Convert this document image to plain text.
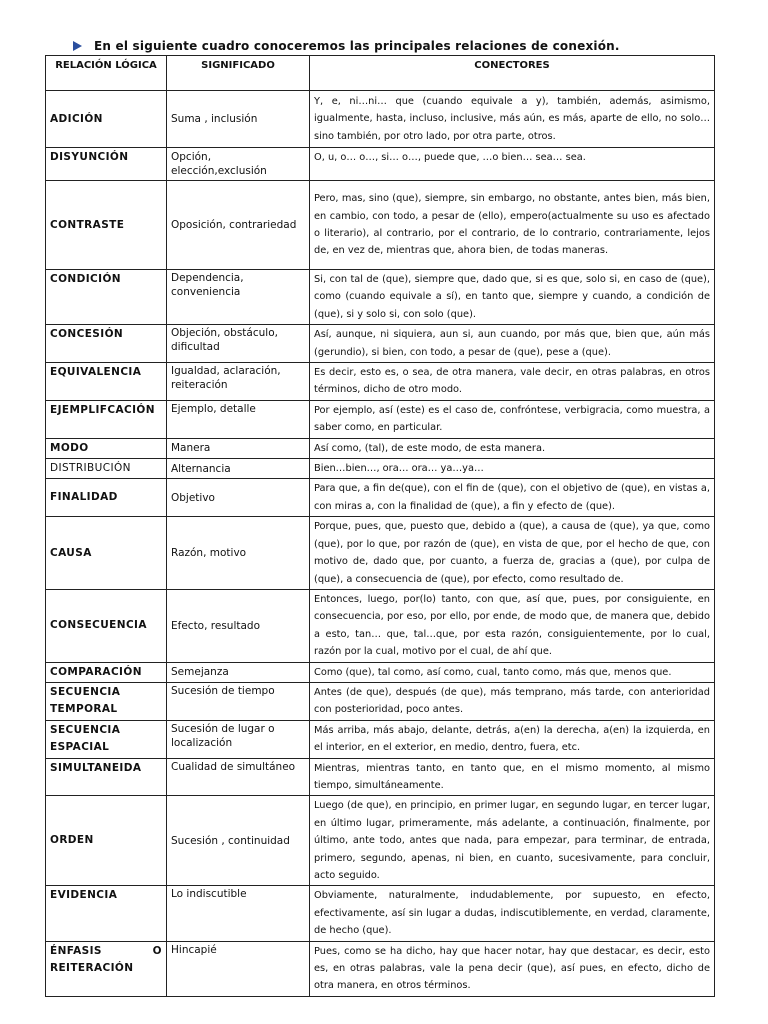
En el siguiente cuadro conoceremos las principales relaciones de conexión.
RELACIÓN LÓGICA	SIGNIFICADO	CONECTORES
ADICIÓN	Suma , inclusión	Y, e, ni…ni… que (cuando equivale a y), también, además, asimismo, igualmente, hasta, incluso, inclusive, más aún, es más, aparte de ello, no solo… sino también, por otro lado, por otra parte, otros.
DISYUNCIÓN	Opción, elección,exclusión	O, u, o… o…, si… o…, puede que, …o bien… sea… sea.
CONTRASTE	Oposición, contrariedad	Pero, mas, sino (que), siempre, sin embargo, no obstante, antes bien, más bien, en cambio, con todo, a pesar de (ello), empero(actualmente su uso es afectado o literario), al contrario, por el contrario, de lo contrario, contrariamente, lejos de, en vez de, mientras que, ahora bien, de todas maneras.
CONDICIÓN	Dependencia, conveniencia	Si, con tal de (que), siempre que, dado que, si es que, solo si, en caso de (que), como (cuando equivale a sí), en tanto que, siempre y cuando, a condición de (que), si y solo si, con solo (que).
CONCESIÓN	Objeción, obstáculo, dificultad	Así, aunque, ni siquiera, aun si, aun cuando, por más que, bien que, aún más (gerundio), si bien, con todo, a pesar de (que), pese a (que).
EQUIVALENCIA	Igualdad, aclaración, reiteración	Es decir, esto es, o sea, de otra manera, vale decir, en otras palabras, en otros términos, dicho de otro modo.
EJEMPLIFCACIÓN	Ejemplo, detalle	Por ejemplo, así (este) es el caso de, confróntese, verbigracia, como muestra, a saber como, en particular.
MODO	Manera	Así como, (tal), de este modo, de esta manera.
DISTRIBUCIÓN	Alternancia	Bien…bien…, ora… ora… ya…ya…
FINALIDAD	Objetivo	Para que, a fin de(que), con el fin de (que), con el objetivo de (que), en vistas a, con miras a, con la finalidad de (que), a fin y efecto de (que).
CAUSA	Razón, motivo	Porque, pues, que, puesto que, debido a (que), a causa de (que), ya que, como (que), por lo que, por razón de (que), en vista de que, por el hecho de que, con motivo de, dado que, por cuanto, a fuerza de, gracias a (que), por culpa de (que), a consecuencia de (que), por efecto, como resultado de.
CONSECUENCIA	Efecto, resultado	Entonces, luego, por(lo) tanto, con que, así que, pues, por consiguiente, en consecuencia, por eso, por ello, por ende, de modo que, de manera que, debido a esto, tan… que, tal…que, por esta razón, consiguientemente, por lo cual, razón por la cual, motivo por el cual, de ahí que.
COMPARACIÓN	Semejanza	Como (que), tal como, así como, cual, tanto como, más que, menos que.
SECUENCIA TEMPORAL	Sucesión de tiempo	Antes (de que), después (de que), más temprano, más tarde, con anterioridad con posterioridad, poco antes.
SECUENCIA ESPACIAL	Sucesión de lugar o localización	Más arriba, más abajo, delante, detrás, a(en) la derecha, a(en) la izquierda, en el interior, en el exterior, en medio, dentro, fuera, etc.
SIMULTANEIDA	Cualidad de simultáneo	Mientras, mientras tanto, en tanto que, en el mismo momento, al mismo tiempo, simultáneamente.
ORDEN	Sucesión , continuidad	Luego (de que), en principio, en primer lugar, en segundo lugar, en tercer lugar, en último lugar, primeramente, más adelante, a continuación, finalmente, por último, ante todo, antes que nada, para empezar, para terminar, de entrada, primero, segundo, apenas, ni bien, en cuanto, sucesivamente, para concluir, acto seguido.
EVIDENCIA	Lo indiscutible	Obviamente, naturalmente, indudablemente, por supuesto, en efecto, efectivamente, así sin lugar a dudas, indiscutiblemente, en verdad, claramente, de hecho (que).
ÉNFASIS O REITERACIÓN	Hincapié	Pues, como se ha dicho, hay que hacer notar, hay que destacar, es decir, esto es, en otras palabras, vale la pena decir (que), así pues, en efecto, dicho de otra manera, en otros términos.
